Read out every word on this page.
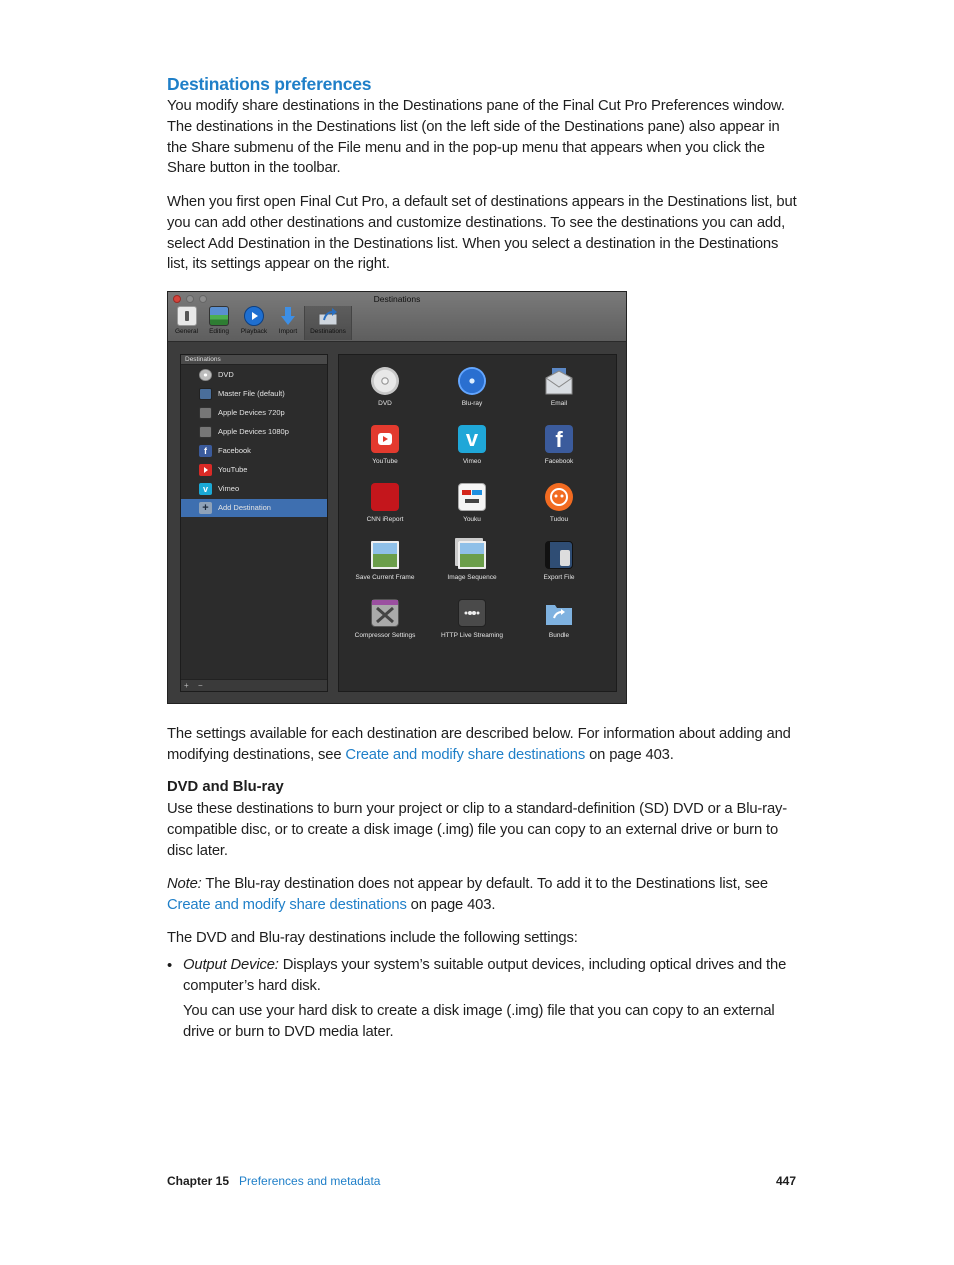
Destinations preferences

You modify share destinations in the Destinations pane of the Final Cut Pro Preferences window. The destinations in the Destinations list (on the left side of the Destinations pane) also appear in the Share submenu of the File menu and in the pop-up menu that appears when you click the Share button in the toolbar.

When you first open Final Cut Pro, a default set of destinations appears in the Destinations list, but you can add other destinations and customize destinations. To see the destinations you can add, select Add Destination in the Destinations list. When you select a destination in the Destinations list, its settings appear on the right.

Destinations
General	Editing	Playback	Import	Destinations
Destinations
DVD
Master File (default)
Apple Devices 720p
Apple Devices 1080p
f	Facebook
YouTube
v	Vimeo
+	Add Destination
+ −
DVD	Blu-ray	Email
YouTube
v
Vimeo
f
Facebook
CNN iReport	Youku	Tudou
Save Current Frame	Image Sequence	Export File
Compressor Settings	HTTP Live Streaming	Bundle

The settings available for each destination are described below. For information about adding and modifying destinations, see Create and modify share destinations on page 403.

DVD and Blu-ray

Use these destinations to burn your project or clip to a standard-definition (SD) DVD or a Blu-ray-compatible disc, or to create a disk image (.img) file you can copy to an external drive or burn to disc later.

Note: The Blu-ray destination does not appear by default. To add it to the Destinations list, see Create and modify share destinations on page 403.

The DVD and Blu-ray destinations include the following settings:

• Output Device: Displays your system’s suitable output devices, including optical drives and the computer’s hard disk.

You can use your hard disk to create a disk image (.img) file that you can copy to an external drive or burn to DVD media later.

Chapter 15 Preferences and metadata	447
